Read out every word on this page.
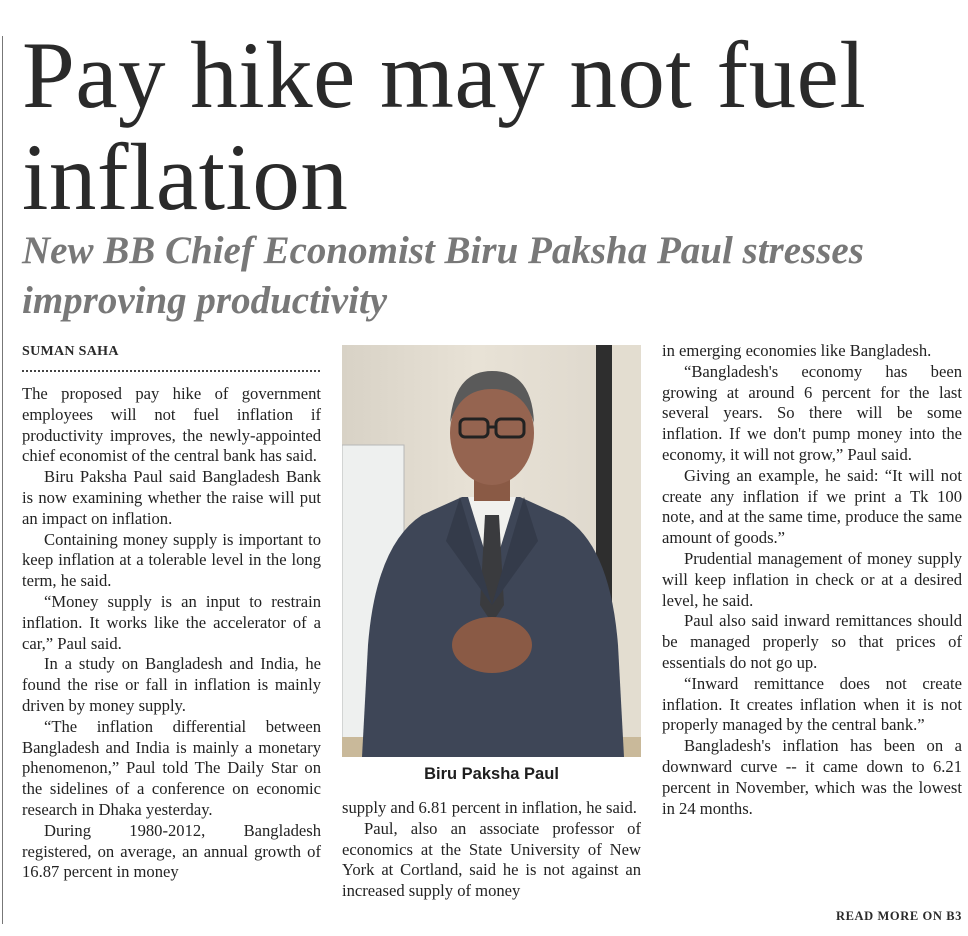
Pay hike may not fuel inflation
New BB Chief Economist Biru Paksha Paul stresses improving productivity
SUMAN SAHA

The proposed pay hike of government employees will not fuel inflation if productivity improves, the newly-appointed chief economist of the central bank has said.

Biru Paksha Paul said Bangladesh Bank is now examining whether the raise will put an impact on inflation.

Containing money supply is important to keep inflation at a tolerable level in the long term, he said.

“Money supply is an input to restrain inflation. It works like the accelerator of a car,” Paul said.

In a study on Bangladesh and India, he found the rise or fall in inflation is mainly driven by money supply.

“The inflation differential between Bangladesh and India is mainly a monetary phenomenon,” Paul told The Daily Star on the sidelines of a conference on economic research in Dhaka yesterday.

During 1980-2012, Bangladesh registered, on average, an annual growth of 16.87 percent in money

Biru Paksha Paul

supply and 6.81 percent in inflation, he said.

Paul, also an associate professor of economics at the State University of New York at Cortland, said he is not against an increased supply of money

in emerging economies like Bangladesh.

“Bangladesh's economy has been growing at around 6 percent for the last several years. So there will be some inflation. If we don't pump money into the economy, it will not grow,” Paul said.

Giving an example, he said: “It will not create any inflation if we print a Tk 100 note, and at the same time, produce the same amount of goods.”

Prudential management of money supply will keep inflation in check or at a desired level, he said.

Paul also said inward remittances should be managed properly so that prices of essentials do not go up.

“Inward remittance does not create inflation. It creates inflation when it is not properly managed by the central bank.”

Bangladesh's inflation has been on a downward curve -- it came down to 6.21 percent in November, which was the lowest in 24 months.

READ MORE ON B3
